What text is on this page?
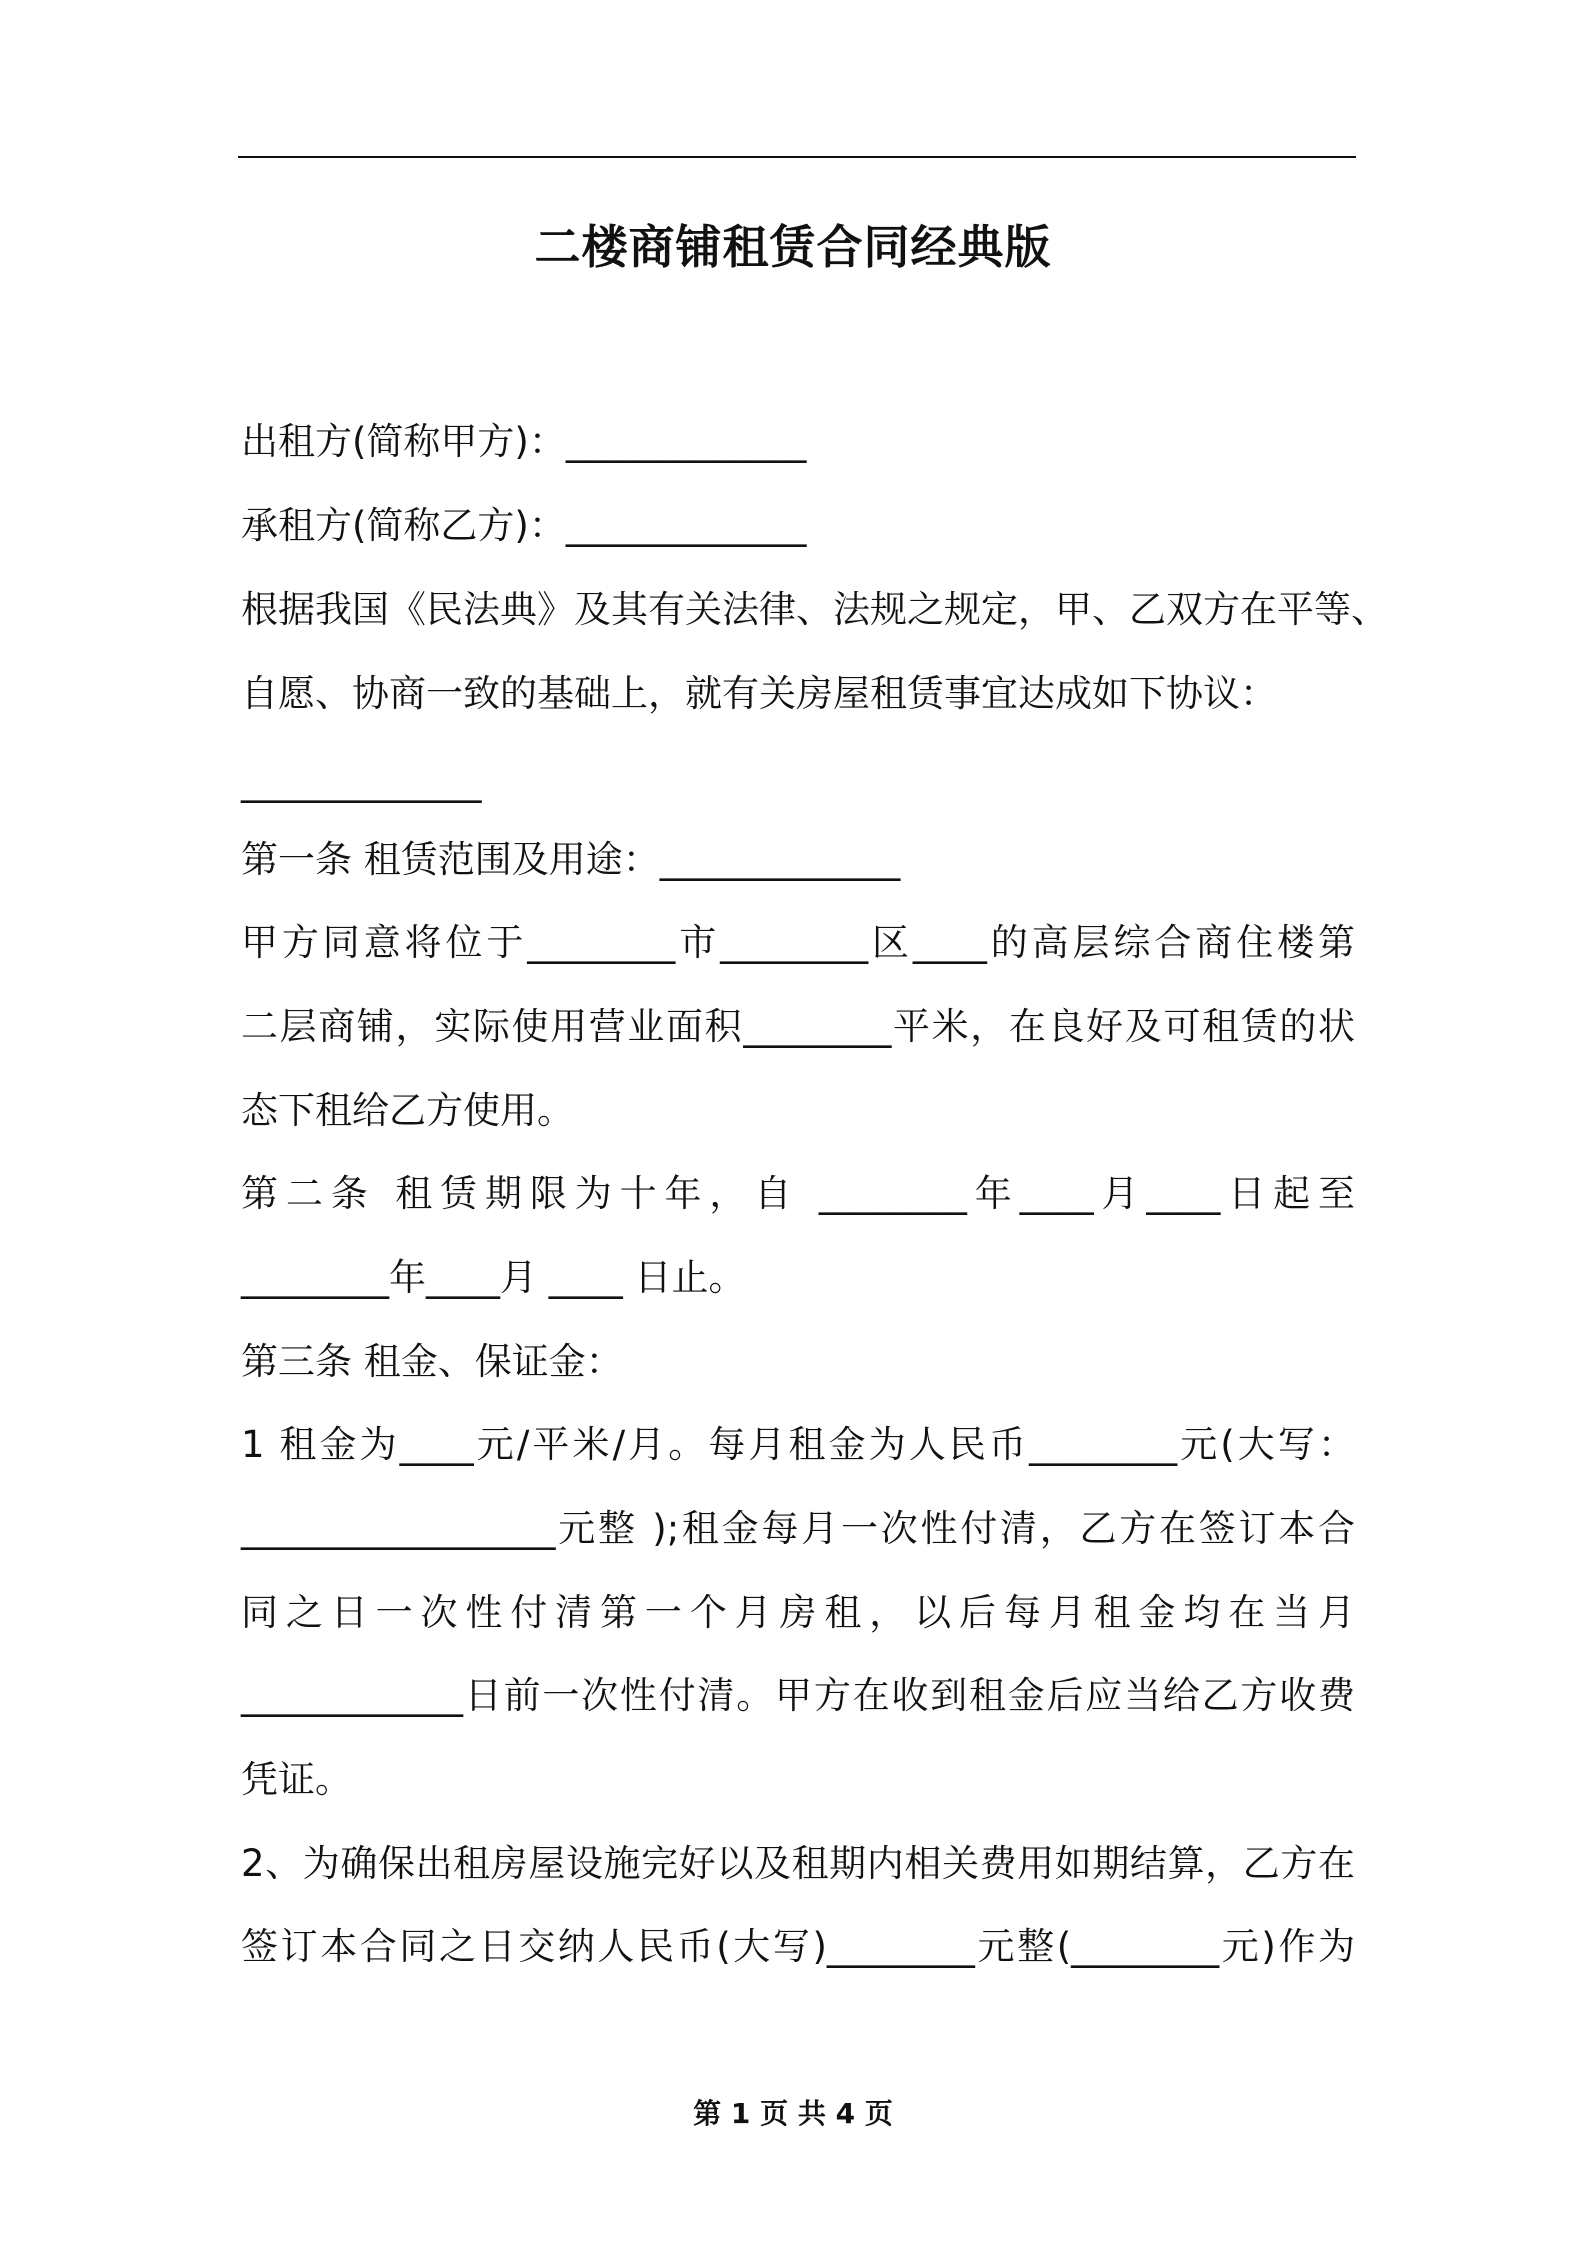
二楼商铺租赁合同经典版
出租方(简称甲方)：_____________
承租方(简称乙方)：_____________
根据我国《民法典》及其有关法律、法规之规定，甲、乙双方在平等、
自愿、协商一致的基础上，就有关房屋租赁事宜达成如下协议：
_____________
第一条 租赁范围及用途：_____________
甲方同意将位于________市________区____的高层综合商住楼第
二层商铺，实际使用营业面积________平米，在良好及可租赁的状
态下租给乙方使用。
第二条 租赁期限为十年，自 ________年____月____日起至
________年____月 ____ 日止。
第三条 租金、保证金：
1 租金为____元/平米/月。每月租金为人民币________元(大写：
_________________元整 );租金每月一次性付清，乙方在签订本合
同之日一次性付清第一个月房租，以后每月租金均在当月
____________日前一次性付清。甲方在收到租金后应当给乙方收费
凭证。
2、为确保出租房屋设施完好以及租期内相关费用如期结算，乙方在
签订本合同之日交纳人民币(大写)________元整(________元)作为
第 1 页 共 4 页
